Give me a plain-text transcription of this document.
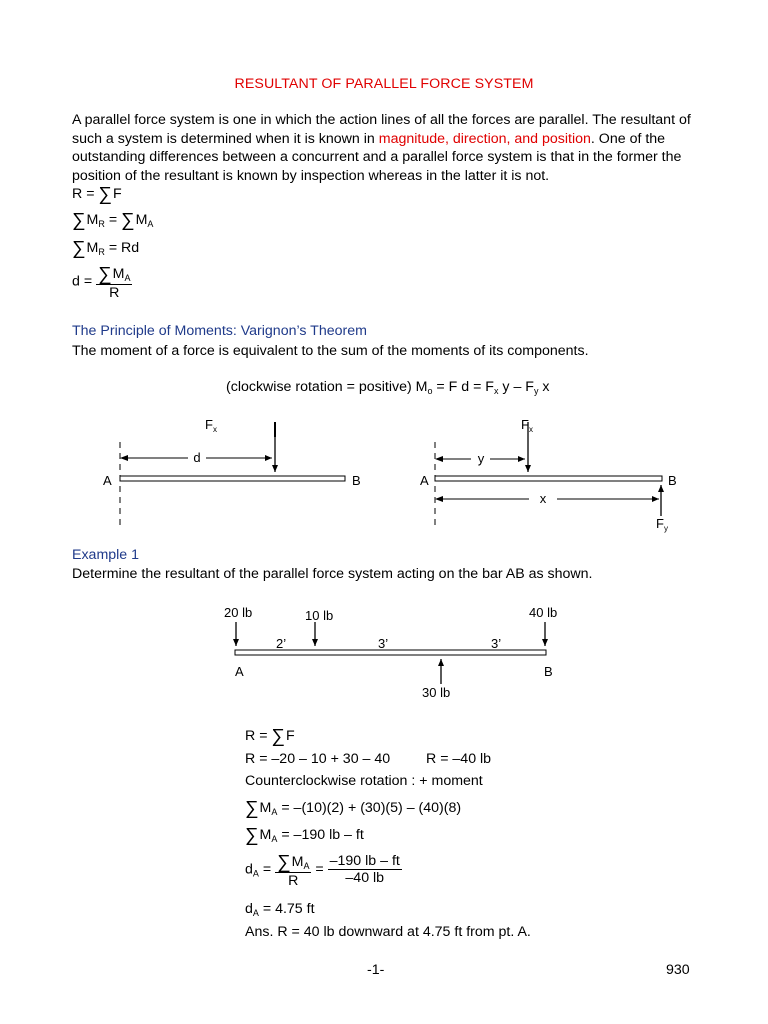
RESULTANT OF PARALLEL FORCE SYSTEM
A parallel force system is one in which the action lines of all the forces are parallel. The resultant of such a system is determined when it is known in magnitude, direction, and position. One of the outstanding differences between a concurrent and a parallel force system is that in the former the position of the resultant is known by inspection whereas in the latter it is not.
R = ∑F
$\sum M_R = \sum M_A$
$\sum M_R = Rd$
$d = \frac{\sum M_A}{R}$
The Principle of Moments: Varignon’s Theorem
The moment of a force is equivalent to the sum of the moments of its components.
(clockwise rotation = positive) $M_o = F$ $d = F_x$ y – $F_y$ x
$F_x$
d
A	B
$F_x$
y
x
A	B
$F_y$
Example 1
Determine the resultant of the parallel force system acting on the bar AB as shown.
20 lb	10 lb	40 lb
30 lb
2’	3’	3’
A	B
R = ∑F
R = –20 – 10 + 30 – 40	R = –40 lb
Counterclockwise rotation : + moment
$\sum M_A = -(10)(2) + (30)(5) - (40)(8)$
$\sum M_A = -190$ lb – ft
$d_A = \frac{\sum M_A}{R} = \frac{-190 lb - ft}{-40 lb}$
$d_A = 4.75$ ft
Ans. R = 40 lb downward at 4.75 ft from pt. A.
-1-	930
